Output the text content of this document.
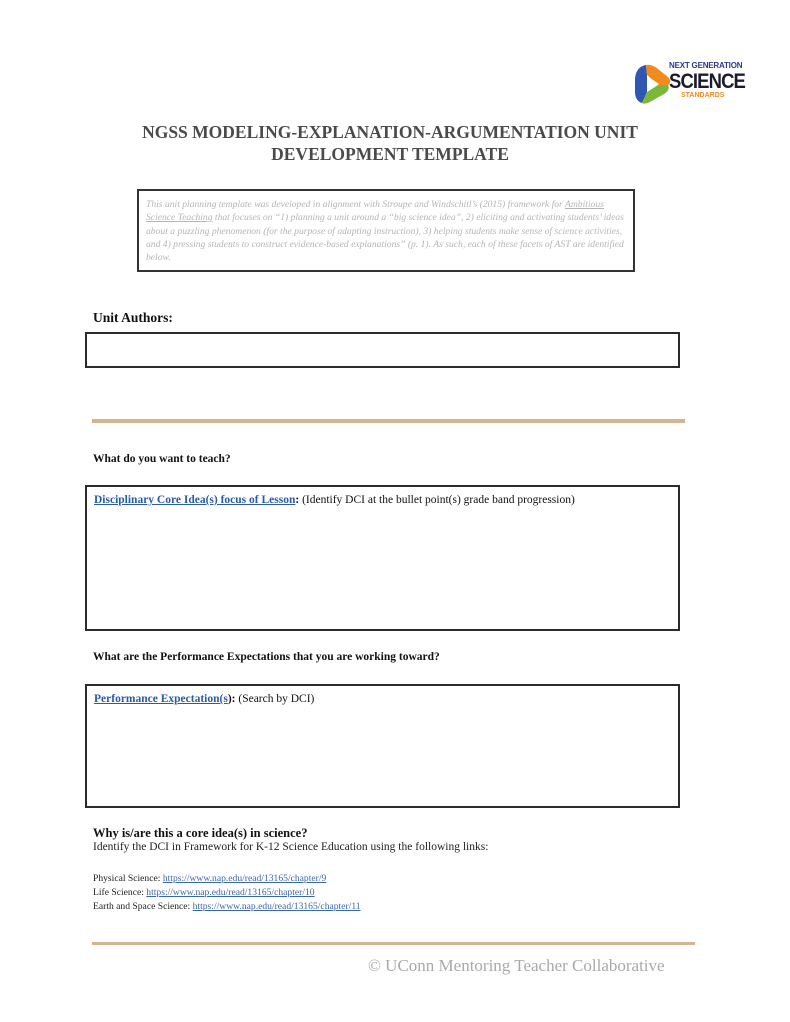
NEXT GENERATION
SCIENCE
STANDARDS
NGSS MODELING-EXPLANATION-ARGUMENTATION UNIT
DEVELOPMENT TEMPLATE
This unit planning template was developed in alignment with Stroupe and Windschitl’s (2015) framework for Ambitious Science Teaching that focuses on “1) planning a unit around a “big science idea”, 2) eliciting and activating students’ ideas about a puzzling phenomenon (for the purpose of adapting instruction), 3) helping students make sense of science activities, and 4) pressing students to construct evidence-based explanations” (p. 1). As such, each of these facets of AST are identified below.
Unit Authors:
What do you want to teach?
Disciplinary Core Idea(s) focus of Lesson: (Identify DCI at the bullet point(s) grade band progression)
What are the Performance Expectations that you are working toward?
Performance Expectation(s): (Search by DCI)
Why is/are this a core idea(s) in science?
Identify the DCI in Framework for K-12 Science Education using the following links:
Physical Science: https://www.nap.edu/read/13165/chapter/9
Life Science: https://www.nap.edu/read/13165/chapter/10
Earth and Space Science: https://www.nap.edu/read/13165/chapter/11
© UConn Mentoring Teacher Collaborative
